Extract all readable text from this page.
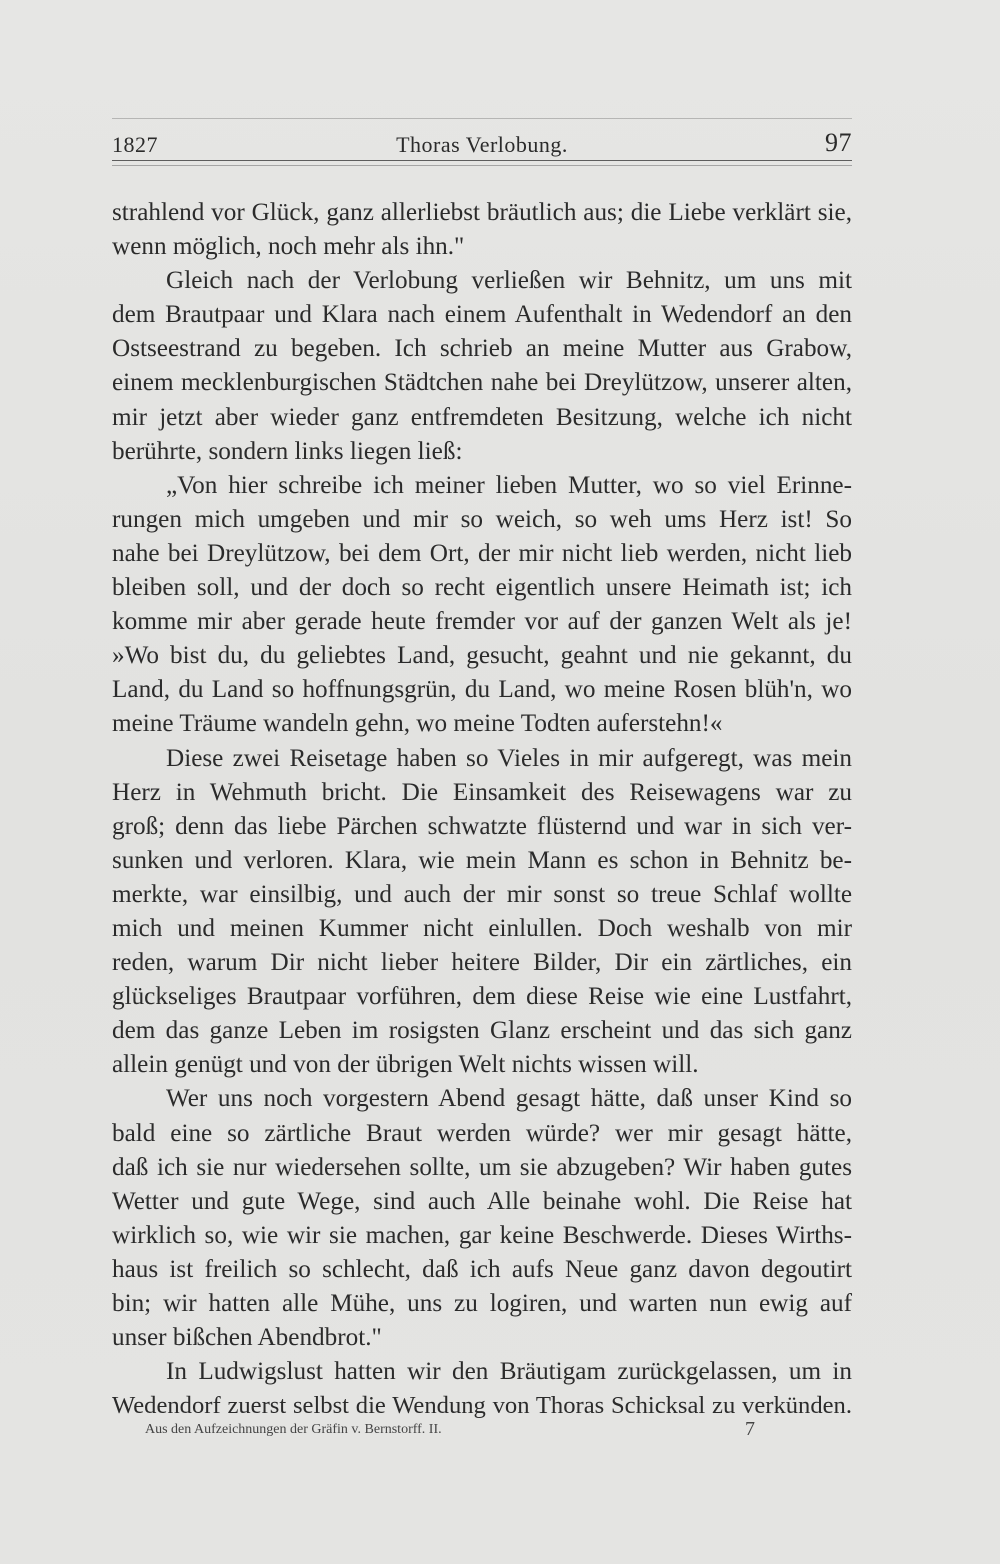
1827	Thoras Verlobung.	97
strahlend vor Glück, ganz allerliebst bräutlich aus; die Liebe verklärt sie,
wenn möglich, noch mehr als ihn."
Gleich nach der Verlobung verließen wir Behnitz, um uns mit
dem Brautpaar und Klara nach einem Aufenthalt in Wedendorf an den
Ostseestrand zu begeben. Ich schrieb an meine Mutter aus Grabow,
einem mecklenburgischen Städtchen nahe bei Dreylützow, unserer alten,
mir jetzt aber wieder ganz entfremdeten Besitzung, welche ich nicht
berührte, sondern links liegen ließ:
„Von hier schreibe ich meiner lieben Mutter, wo so viel Erinne-
rungen mich umgeben und mir so weich, so weh ums Herz ist! So
nahe bei Dreylützow, bei dem Ort, der mir nicht lieb werden, nicht lieb
bleiben soll, und der doch so recht eigentlich unsere Heimath ist; ich
komme mir aber gerade heute fremder vor auf der ganzen Welt als je!
»Wo bist du, du geliebtes Land, gesucht, geahnt und nie gekannt, du
Land, du Land so hoffnungsgrün, du Land, wo meine Rosen blüh'n, wo
meine Träume wandeln gehn, wo meine Todten auferstehn!«
Diese zwei Reisetage haben so Vieles in mir aufgeregt, was mein
Herz in Wehmuth bricht. Die Einsamkeit des Reisewagens war zu
groß; denn das liebe Pärchen schwatzte flüsternd und war in sich ver-
sunken und verloren. Klara, wie mein Mann es schon in Behnitz be-
merkte, war einsilbig, und auch der mir sonst so treue Schlaf wollte
mich und meinen Kummer nicht einlullen. Doch weshalb von mir
reden, warum Dir nicht lieber heitere Bilder, Dir ein zärtliches, ein
glückseliges Brautpaar vorführen, dem diese Reise wie eine Lustfahrt,
dem das ganze Leben im rosigsten Glanz erscheint und das sich ganz
allein genügt und von der übrigen Welt nichts wissen will.
Wer uns noch vorgestern Abend gesagt hätte, daß unser Kind so
bald eine so zärtliche Braut werden würde? wer mir gesagt hätte,
daß ich sie nur wiedersehen sollte, um sie abzugeben? Wir haben gutes
Wetter und gute Wege, sind auch Alle beinahe wohl. Die Reise hat
wirklich so, wie wir sie machen, gar keine Beschwerde. Dieses Wirths-
haus ist freilich so schlecht, daß ich aufs Neue ganz davon degoutirt
bin; wir hatten alle Mühe, uns zu logiren, und warten nun ewig auf
unser bißchen Abendbrot."
In Ludwigslust hatten wir den Bräutigam zurückgelassen, um in
Wedendorf zuerst selbst die Wendung von Thoras Schicksal zu verkünden.
Aus den Aufzeichnungen der Gräfin v. Bernstorff. II.	7
